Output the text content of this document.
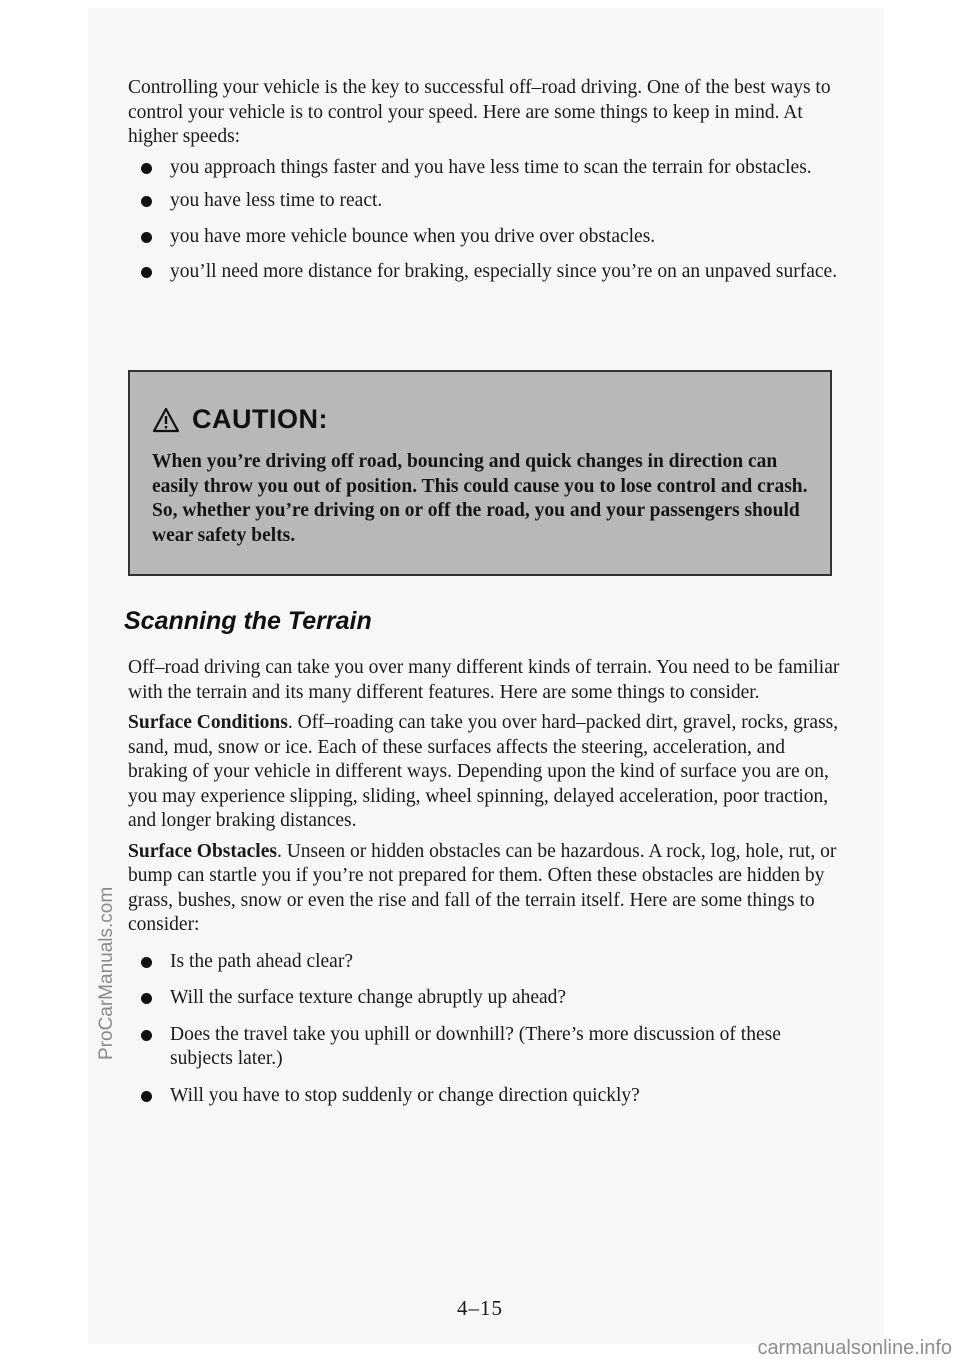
Controlling your vehicle is the key to successful off–road driving. One of the best ways to control your vehicle is to control your speed. Here are some things to keep in mind. At higher speeds:

you approach things faster and you have less time to scan the terrain for obstacles.
you have less time to react.
you have more vehicle bounce when you drive over obstacles.
you’ll need more distance for braking, especially since you’re on an unpaved surface.
CAUTION:
When you’re driving off road, bouncing and quick changes in direction can easily throw you out of position. This could cause you to lose control and crash. So, whether you’re driving on or off the road, you and your passengers should wear safety belts.
Scanning the Terrain

Off–road driving can take you over many different kinds of terrain. You need to be familiar with the terrain and its many different features. Here are some things to consider.

Surface Conditions. Off–roading can take you over hard–packed dirt, gravel, rocks, grass, sand, mud, snow or ice. Each of these surfaces affects the steering, acceleration, and braking of your vehicle in different ways. Depending upon the kind of surface you are on, you may experience slipping, sliding, wheel spinning, delayed acceleration, poor traction, and longer braking distances.

Surface Obstacles. Unseen or hidden obstacles can be hazardous. A rock, log, hole, rut, or bump can startle you if you’re not prepared for them. Often these obstacles are hidden by grass, bushes, snow or even the rise and fall of the terrain itself. Here are some things to consider:

Is the path ahead clear?
Will the surface texture change abruptly up ahead?
Does the travel take you uphill or downhill? (There’s more discussion of these subjects later.)
Will you have to stop suddenly or change direction quickly?
4–15
ProCarManuals.com
carmanualsonline.info
